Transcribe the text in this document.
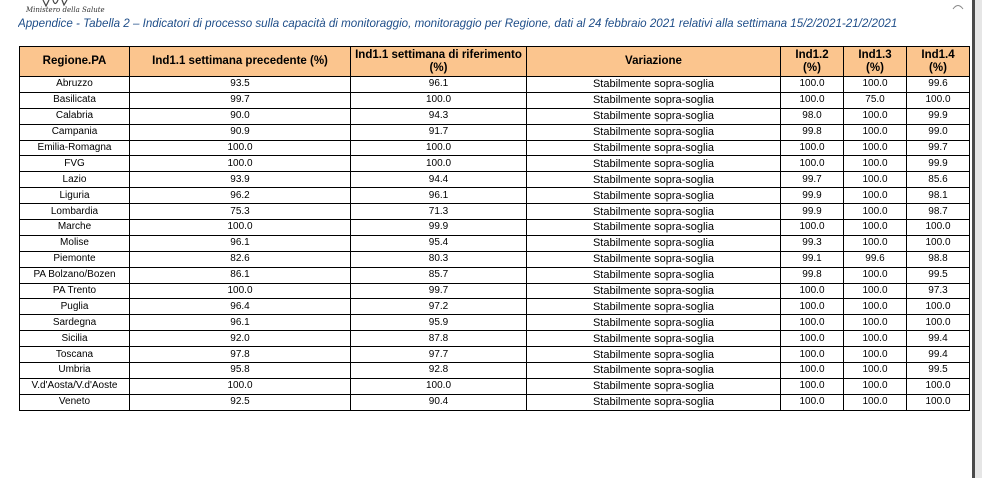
Ministero della Salute
Appendice - Tabella 2 – Indicatori di processo sulla capacità di monitoraggio, monitoraggio per Regione, dati al 24 febbraio 2021 relativi alla settimana 15/2/2021-21/2/2021
Regione.PA	Ind1.1 settimana precedente (%)	Ind1.1 settimana di riferimento (%)	Variazione	Ind1.2 (%)	Ind1.3 (%)	Ind1.4 (%)
Abruzzo	93.5	96.1	Stabilmente sopra-soglia	100.0	100.0	99.6
Basilicata	99.7	100.0	Stabilmente sopra-soglia	100.0	75.0	100.0
Calabria	90.0	94.3	Stabilmente sopra-soglia	98.0	100.0	99.9
Campania	90.9	91.7	Stabilmente sopra-soglia	99.8	100.0	99.0
Emilia-Romagna	100.0	100.0	Stabilmente sopra-soglia	100.0	100.0	99.7
FVG	100.0	100.0	Stabilmente sopra-soglia	100.0	100.0	99.9
Lazio	93.9	94.4	Stabilmente sopra-soglia	99.7	100.0	85.6
Liguria	96.2	96.1	Stabilmente sopra-soglia	99.9	100.0	98.1
Lombardia	75.3	71.3	Stabilmente sopra-soglia	99.9	100.0	98.7
Marche	100.0	99.9	Stabilmente sopra-soglia	100.0	100.0	100.0
Molise	96.1	95.4	Stabilmente sopra-soglia	99.3	100.0	100.0
Piemonte	82.6	80.3	Stabilmente sopra-soglia	99.1	99.6	98.8
PA Bolzano/Bozen	86.1	85.7	Stabilmente sopra-soglia	99.8	100.0	99.5
PA Trento	100.0	99.7	Stabilmente sopra-soglia	100.0	100.0	97.3
Puglia	96.4	97.2	Stabilmente sopra-soglia	100.0	100.0	100.0
Sardegna	96.1	95.9	Stabilmente sopra-soglia	100.0	100.0	100.0
Sicilia	92.0	87.8	Stabilmente sopra-soglia	100.0	100.0	99.4
Toscana	97.8	97.7	Stabilmente sopra-soglia	100.0	100.0	99.4
Umbria	95.8	92.8	Stabilmente sopra-soglia	100.0	100.0	99.5
V.d'Aosta/V.d'Aoste	100.0	100.0	Stabilmente sopra-soglia	100.0	100.0	100.0
Veneto	92.5	90.4	Stabilmente sopra-soglia	100.0	100.0	100.0
